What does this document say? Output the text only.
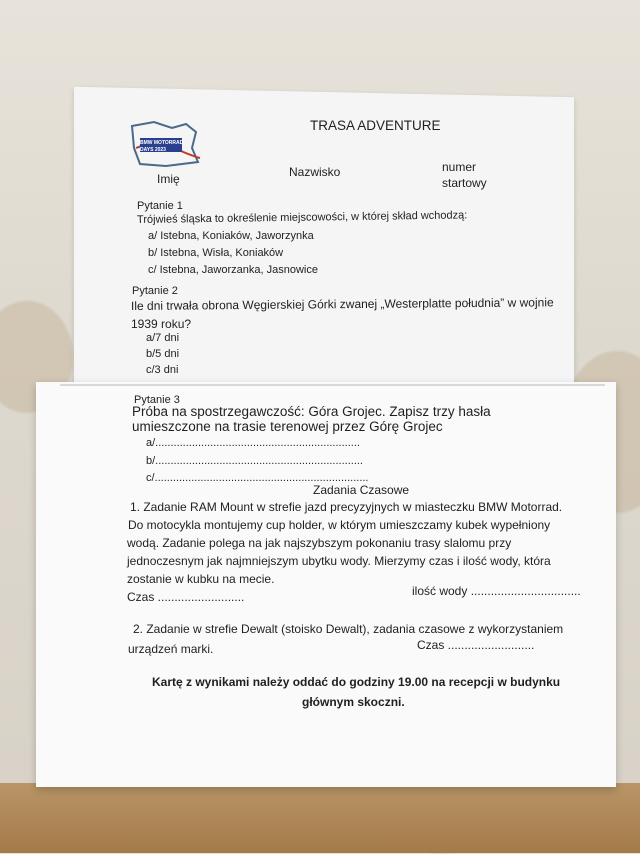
BMW MOTORRAD
DAYS 2023
TRASA ADVENTURE
Nazwisko	numer
startowy
Imię
Pytanie 1
Trójwieś śląska to określenie miejscowości, w której skład wchodzą:
a/ Istebna, Koniaków, Jaworzynka
b/ Istebna, Wisła, Koniaków
c/ Istebna, Jaworzanka, Jasnowice
Pytanie 2
Ile dni trwała obrona Węgierskiej Górki zwanej „Westerplatte południa” w wojnie
1939 roku?
a/7 dni
b/5 dni
c/3 dni
Pytanie 3
Próba na spostrzegawczość: Góra Grojec. Zapisz trzy hasła
umieszczone na trasie terenowej przez Górę Grojec
a/...................................................................
b/....................................................................
c/......................................................................
Zadania Czasowe
1. Zadanie RAM Mount w strefie jazd precyzyjnych w miasteczku BMW Motorrad.
Do motocykla montujemy cup holder, w którym umieszczamy kubek wypełniony
wodą. Zadanie polega na jak najszybszym pokonaniu trasy slalomu przy
jednoczesnym jak najmniejszym ubytku wody. Mierzymy czas i ilość wody, która
zostanie w kubku na mecie.
Czas ..........................	ilość wody .................................
2. Zadanie w strefie Dewalt (stoisko Dewalt), zadania czasowe z wykorzystaniem
urządzeń marki.	Czas ..........................
Kartę z wynikami należy oddać do godziny 19.00 na recepcji w budynku
głównym skoczni.
